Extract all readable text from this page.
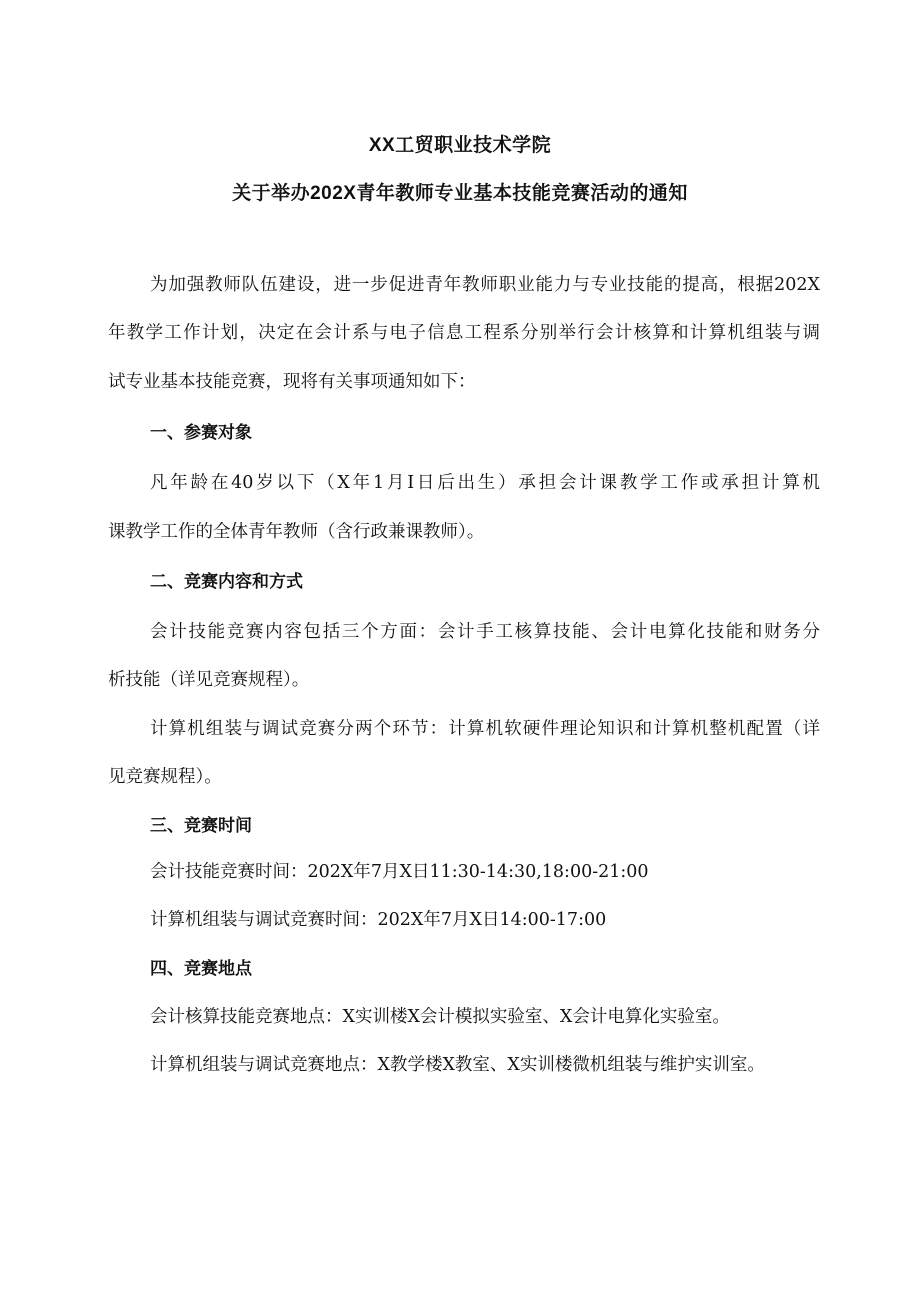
XX工贸职业技术学院
关于举办202X青年教师专业基本技能竞赛活动的通知
为加强教师队伍建设，进一步促进青年教师职业能力与专业技能的提高，根据202X
年教学工作计划，决定在会计系与电子信息工程系分别举行会计核算和计算机组装与调
试专业基本技能竞赛，现将有关事项通知如下：
一、参赛对象
凡年龄在40岁以下（X年1月I日后出生）承担会计课教学工作或承担计算机
课教学工作的全体青年教师（含行政兼课教师）。
二、竞赛内容和方式
会计技能竞赛内容包括三个方面：会计手工核算技能、会计电算化技能和财务分
析技能（详见竞赛规程）。
计算机组装与调试竞赛分两个环节：计算机软硬件理论知识和计算机整机配置（详
见竞赛规程）。
三、竞赛时间
会计技能竞赛时间：202X年7月X日11:30-14:30,18:00-21:00
计算机组装与调试竞赛时间：202X年7月X日14:00-17:00
四、竞赛地点
会计核算技能竞赛地点：X实训楼X会计模拟实验室、X会计电算化实验室。
计算机组装与调试竞赛地点：X教学楼X教室、X实训楼微机组装与维护实训室。
